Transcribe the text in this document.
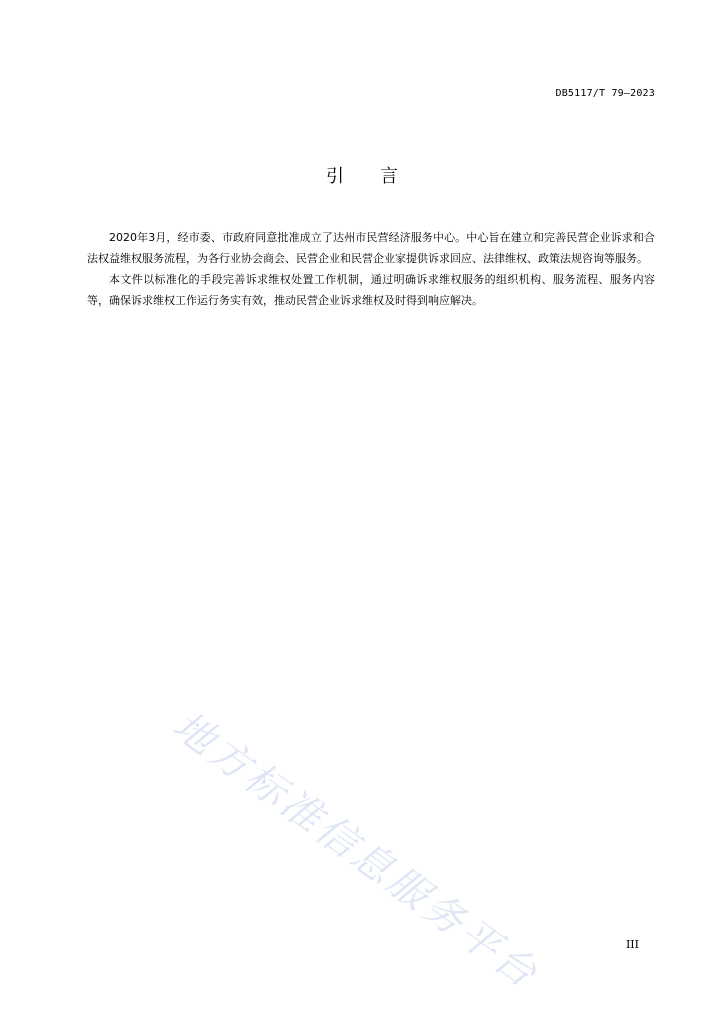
DB5117/T 79—2023
引 言

2020年3月，经市委、市政府同意批准成立了达州市民营经济服务中心。中心旨在建立和完善民营企业诉求和合法权益维权服务流程，为各行业协会商会、民营企业和民营企业家提供诉求回应、法律维权、政策法规咨询等服务。

本文件以标准化的手段完善诉求维权处置工作机制，通过明确诉求维权服务的组织机构、服务流程、服务内容等，确保诉求维权工作运行务实有效，推动民营企业诉求维权及时得到响应解决。

地方标准信息服务平台	III
